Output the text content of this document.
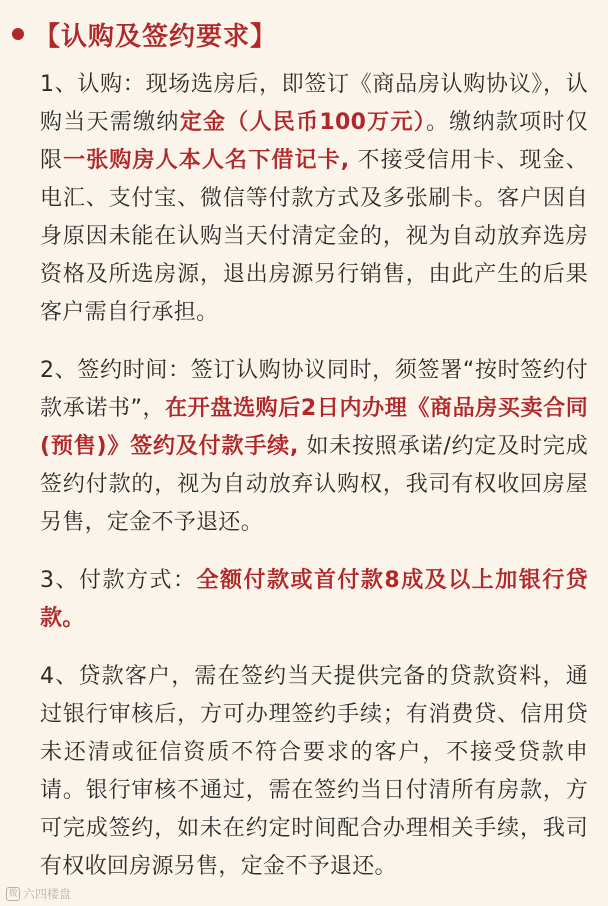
【认购及签约要求】

1、认购：现场选房后，即签订《商品房认购协议》，认购当天需缴纳定金（人民币100万元）。缴纳款项时仅限一张购房人本人名下借记卡, 不接受信用卡、现金、电汇、支付宝、微信等付款方式及多张刷卡。客户因自身原因未能在认购当天付清定金的，视为自动放弃选房资格及所选房源，退出房源另行销售，由此产生的后果客户需自行承担。

2、签约时间：签订认购协议同时，须签署“按时签约付款承诺书”，在开盘选购后2日内办理《商品房买卖合同(预售)》签约及付款手续, 如未按照承诺/约定及时完成签约付款的，视为自动放弃认购权，我司有权收回房屋另售，定金不予退还。

3、付款方式：全额付款或首付款8成及以上加银行贷款。

4、贷款客户，需在签约当天提供完备的贷款资料，通过银行审核后，方可办理签约手续；有消费贷、信用贷未还清或征信资质不符合要求的客户，不接受贷款申请。银行审核不通过，需在签约当日付清所有房款，方可完成签约，如未在约定时间配合办理相关手续，我司有权收回房源另售，定金不予退还。

微 六四楼盘
